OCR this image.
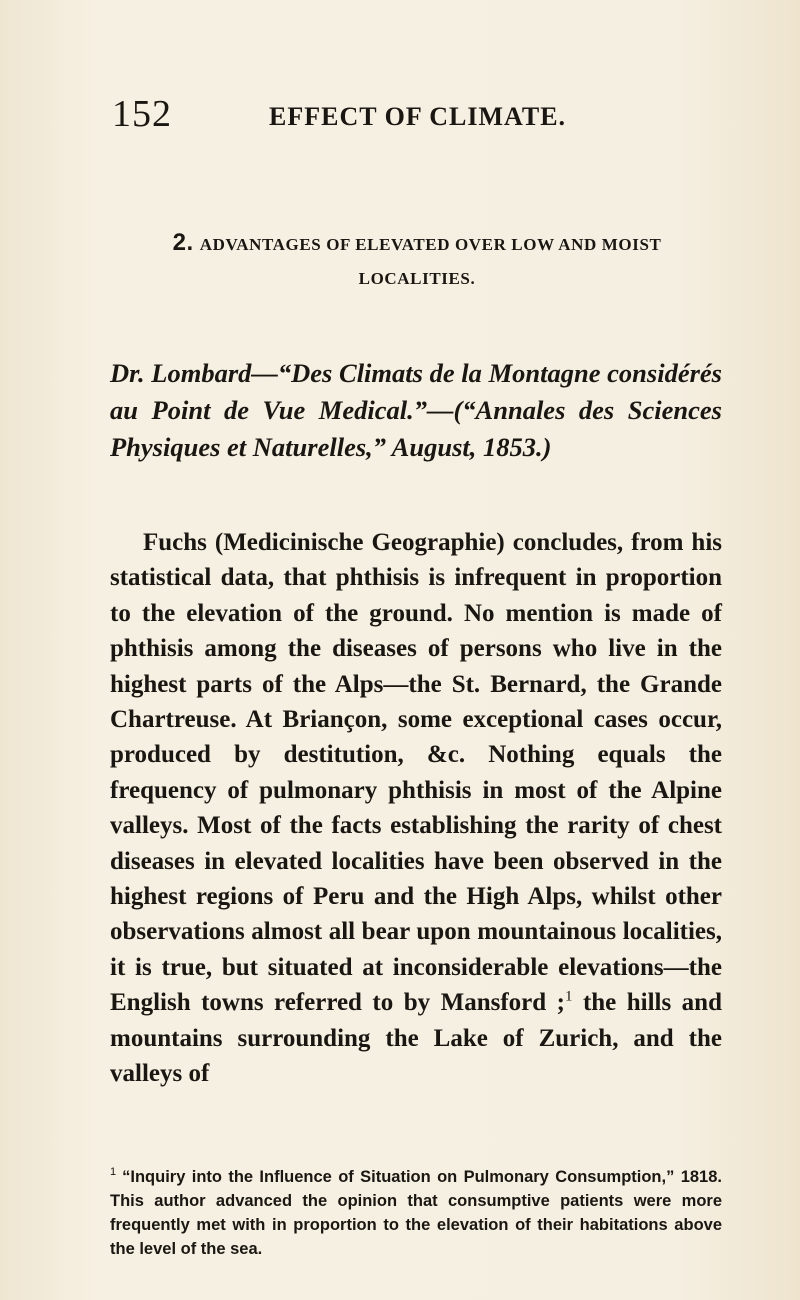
152	EFFECT OF CLIMATE.
2. ADVANTAGES OF ELEVATED OVER LOW AND MOIST LOCALITIES.

Dr. Lombard—“Des Climats de la Montagne considérés au Point de Vue Medical.”—(“Annales des Sciences Physiques et Naturelles,” August, 1853.)

Fuchs (Medicinische Geographie) concludes, from his statistical data, that phthisis is infrequent in proportion to the elevation of the ground. No mention is made of phthisis among the diseases of persons who live in the highest parts of the Alps—the St. Bernard, the Grande Chartreuse. At Briançon, some exceptional cases occur, produced by destitution, &c. Nothing equals the frequency of pulmonary phthisis in most of the Alpine valleys. Most of the facts establishing the rarity of chest diseases in elevated localities have been observed in the highest regions of Peru and the High Alps, whilst other observations almost all bear upon mountainous localities, it is true, but situated at inconsiderable elevations—the English towns referred to by Mansford ;$^1$ the hills and mountains surrounding the Lake of Zurich, and the valleys of

$^1$ “Inquiry into the Influence of Situation on Pulmonary Consumption,” 1818. This author advanced the opinion that consumptive patients were more frequently met with in proportion to the elevation of their habitations above the level of the sea.
